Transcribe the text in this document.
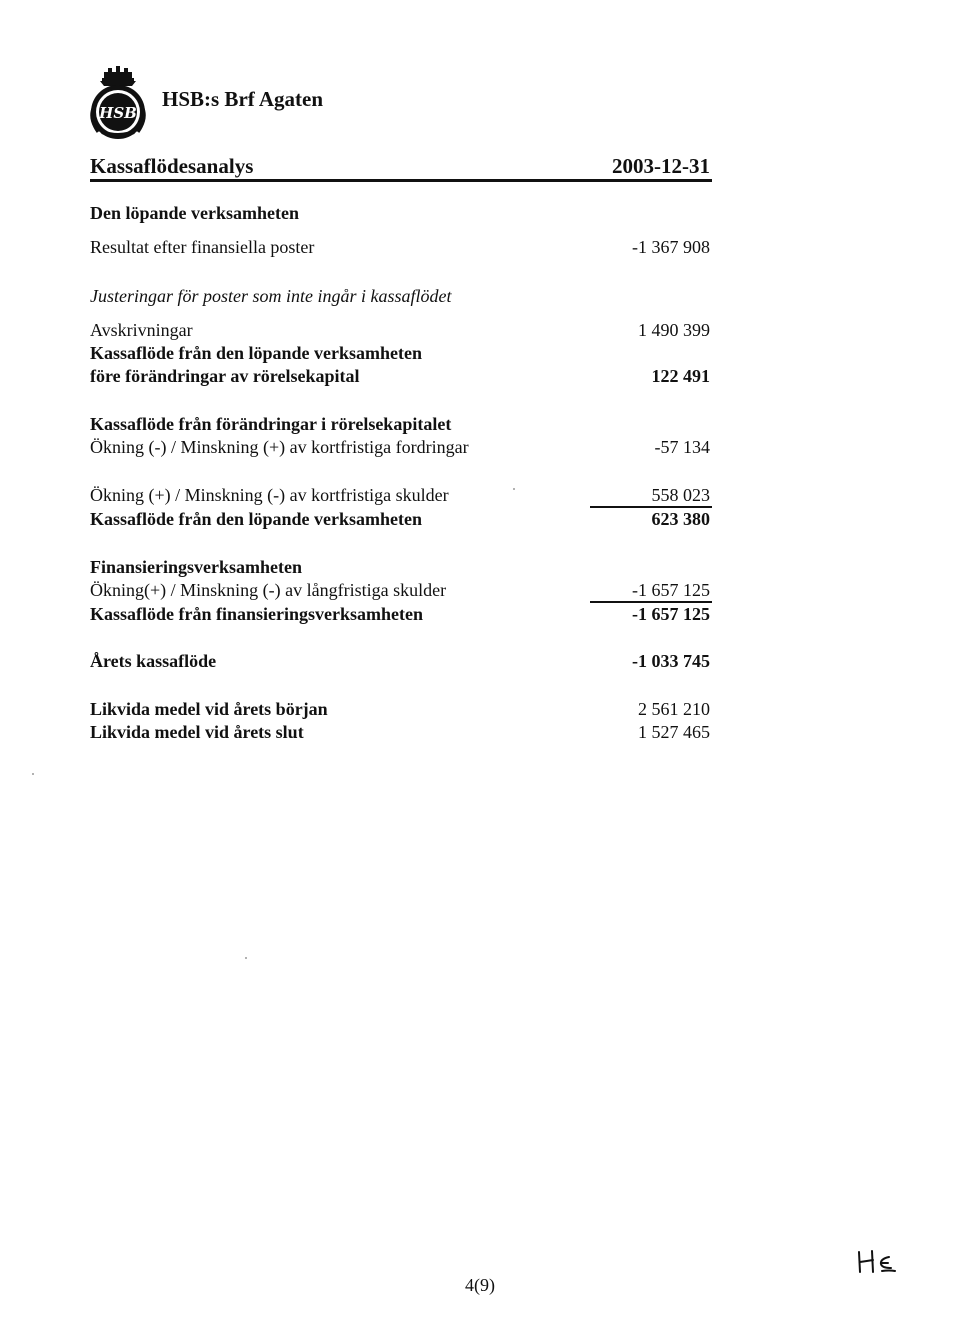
HSB
HSB:s Brf Agaten
Kassaflödesanalys	2003-12-31
Den löpande verksamheten
Resultat efter finansiella poster	-1 367 908
Justeringar för poster som inte ingår i kassaflödet
Avskrivningar	1 490 399
Kassaflöde från den löpande verksamheten
före förändringar av rörelsekapital	122 491
Kassaflöde från förändringar i rörelsekapitalet
Ökning (-) / Minskning (+) av kortfristiga fordringar	-57 134
Ökning (+) / Minskning (-) av kortfristiga skulder	558 023
Kassaflöde från den löpande verksamheten	623 380
Finansieringsverksamheten
Ökning(+) / Minskning (-) av långfristiga skulder	-1 657 125
Kassaflöde från finansieringsverksamheten	-1 657 125
Årets kassaflöde	-1 033 745
Likvida medel vid årets början	2 561 210
Likvida medel vid årets slut	1 527 465
4(9)
